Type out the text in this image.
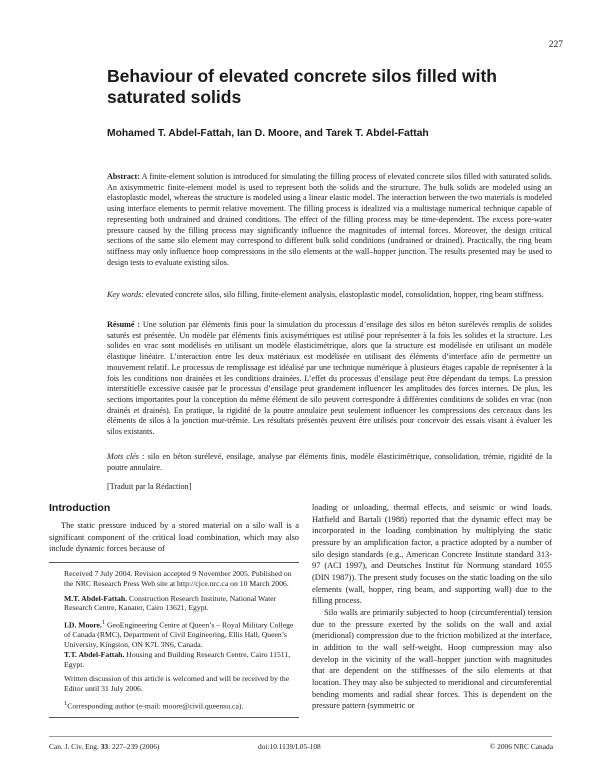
227
Behaviour of elevated concrete silos filled with saturated solids

Mohamed T. Abdel-Fattah, Ian D. Moore, and Tarek T. Abdel-Fattah

Abstract: A finite-element solution is introduced for simulating the filling process of elevated concrete silos filled with saturated solids. An axisymmetric finite-element model is used to represent both the solids and the structure. The bulk solids are modeled using an elastoplastic model, whereas the structure is modeled using a linear elastic model. The interaction between the two materials is modeled using interface elements to permit relative movement. The filling process is idealized via a multistage numerical technique capable of representing both undrained and drained conditions. The effect of the filling process may be time-dependent. The excess pore-water pressure caused by the filling process may significantly influence the magnitudes of internal forces. Moreover, the design critical sections of the same silo element may correspond to different bulk solid conditions (undrained or drained). Practically, the ring beam stiffness may only influence hoop compressions in the silo elements at the wall–hopper junction. The results presented may be used to design tests to evaluate existing silos.

Key words: elevated concrete silos, silo filling, finite-element analysis, elastoplastic model, consolidation, hopper, ring beam stiffness.

Résumé : Une solution par éléments finis pour la simulation du processus d’ensilage des silos en béton surélevés remplis de solides saturés est présentée. Un modèle par éléments finis axisymétriques est utilisé pour représenter à la fois les solides et la structure. Les solides en vrac sont modélisés en utilisant un modèle élasticimétrique, alors que la structure est modélisée en utilisant un modèle élastique linéaire. L’interaction entre les deux matériaux est modélisée en utilisant des éléments d’interface afin de permettre un mouvement relatif. Le processus de remplissage est idéalisé par une technique numérique à plusieurs étages capable de représenter à la fois les conditions non drainées et les conditions drainées. L’effet du processus d’ensilage peut être dépendant du temps. La pression interstitielle excessive causée par le processus d’ensilage peut grandement influencer les amplitudes des forces internes. De plus, les sections importantes pour la conception du même élément de silo peuvent correspondre à différentes conditions de solides en vrac (non drainés et drainés). En pratique, la rigidité de la poutre annulaire peut seulement influencer les compressions des cerceaux dans les éléments de silos à la jonction mur-trémie. Les résultats présentés peuvent être utilisés pour concevoir des essais visant à évaluer les silos existants.

Mots clés : silo en béton surélevé, ensilage, analyse par éléments finis, modèle élasticimétrique, consolidation, trémie, rigidité de la poutre annulaire.

[Traduit par la Rédaction]

Introduction

The static pressure induced by a stored material on a silo wall is a significant component of the critical load combination, which may also include dynamic forces because of

Received 7 July 2004. Revision accepted 9 November 2005. Published on the NRC Research Press Web site at http://cjce.nrc.ca on 10 March 2006.

M.T. Abdel-Fattah. Construction Research Institute, National Water Research Centre, Kanater, Cairo 13621, Egypt.

I.D. Moore.$^1$ GeoEngineering Centre at Queen’s – Royal Military College of Canada (RMC), Department of Civil Engineering, Ellis Hall, Queen’s University, Kingston, ON K7L 3N6, Canada.

T.T. Abdel-Fattah. Housing and Building Research Centre, Cairo 11511, Egypt.

Written discussion of this article is welcomed and will be received by the Editor until 31 July 2006.

$^1$Corresponding author (e-mail: moore@civil.queensu.ca).

loading or unloading, thermal effects, and seismic or wind loads. Hatfield and Bartali (1988) reported that the dynamic effect may be incorporated in the loading combination by multiplying the static pressure by an amplification factor, a practice adopted by a number of silo design standards (e.g., American Concrete Institute standard 313-97 (ACI 1997), and Deutsches Institut für Normung standard 1055 (DIN 1987)). The present study focuses on the static loading on the silo elements (wall, hopper, ring beam, and supporting wall) due to the filling process.

Silo walls are primarily subjected to hoop (circumferential) tension due to the pressure exerted by the solids on the wall and axial (meridional) compression due to the friction mobilized at the interface, in addition to the wall self-weight. Hoop compression may also develop in the vicinity of the wall–hopper junction with magnitudes that are dependent on the stiffnesses of the silo elements at that location. They may also be subjected to meridional and circumferential bending moments and radial shear forces. This is dependent on the pressure pattern (symmetric or

Can. J. Civ. Eng. 33: 227–239 (2006)	doi:10.1139/L05-108	© 2006 NRC Canada
